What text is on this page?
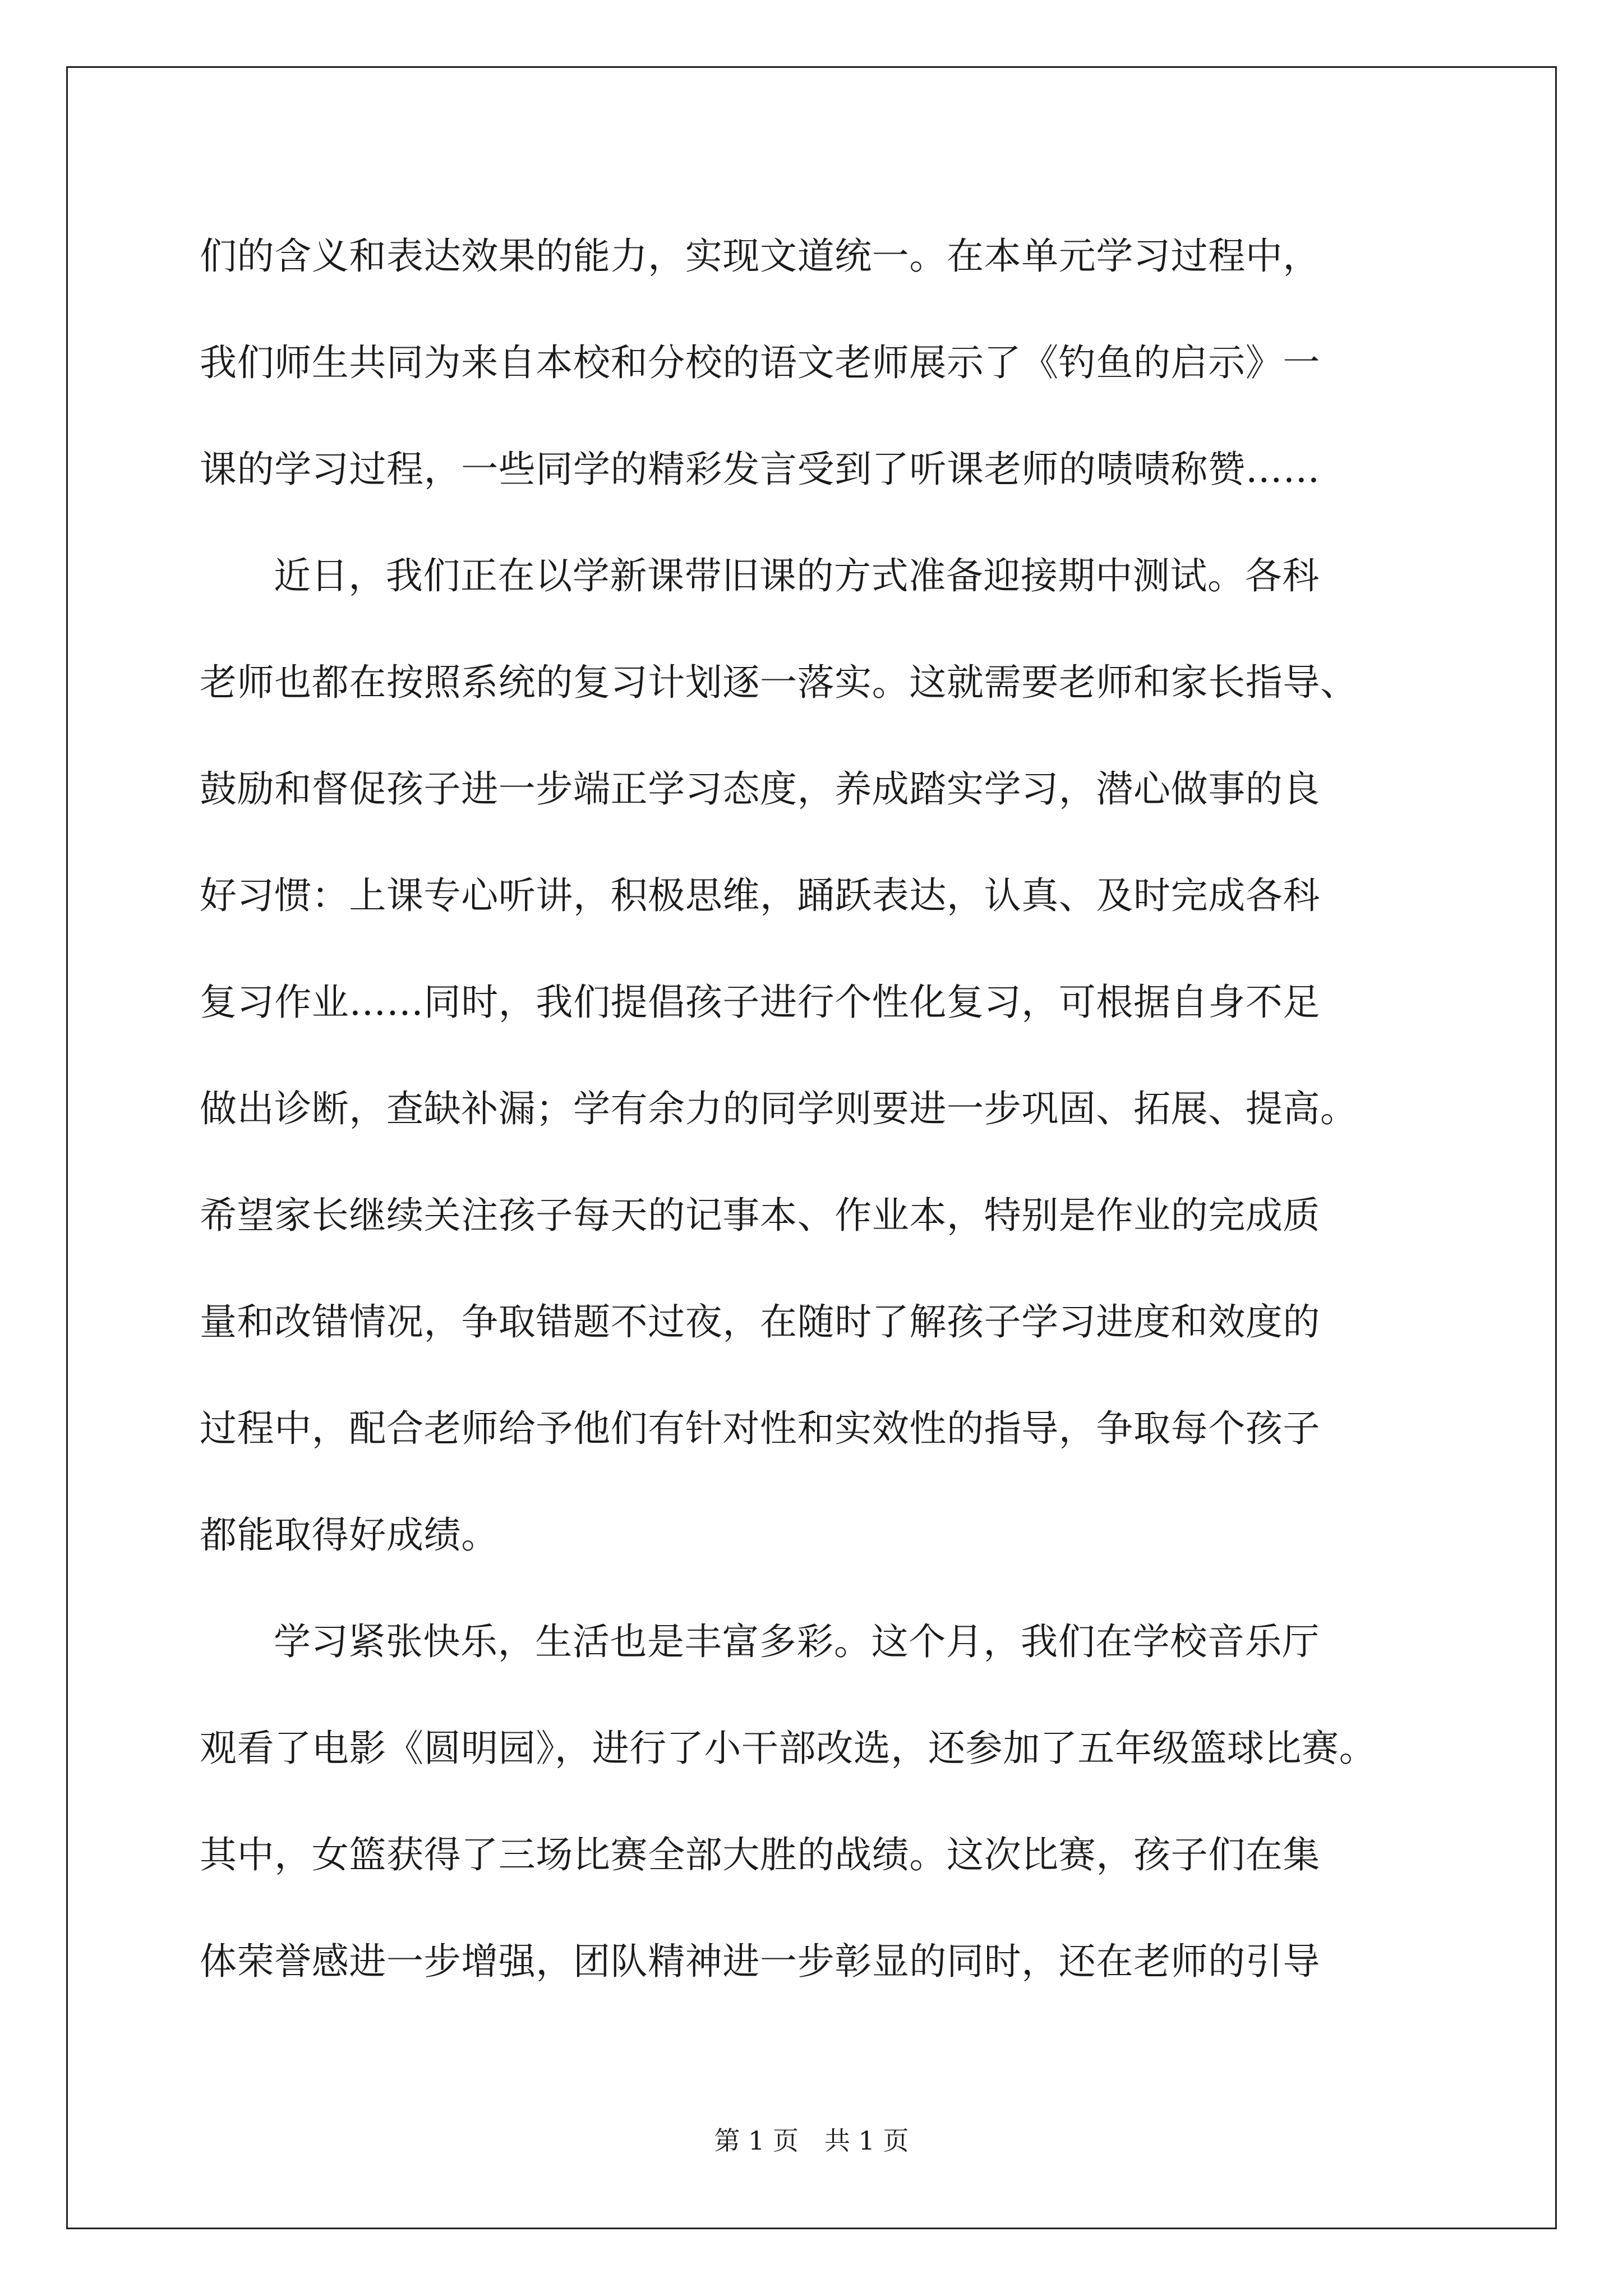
们的含义和表达效果的能力，实现文道统一。在本单元学习过程中，
我们师生共同为来自本校和分校的语文老师展示了《钓鱼的启示》一
课的学习过程，一些同学的精彩发言受到了听课老师的啧啧称赞……
近日，我们正在以学新课带旧课的方式准备迎接期中测试。各科
老师也都在按照系统的复习计划逐一落实。这就需要老师和家长指导、
鼓励和督促孩子进一步端正学习态度，养成踏实学习，潜心做事的良
好习惯：上课专心听讲，积极思维，踊跃表达，认真、及时完成各科
复习作业……同时，我们提倡孩子进行个性化复习，可根据自身不足
做出诊断，查缺补漏；学有余力的同学则要进一步巩固、拓展、提高。
希望家长继续关注孩子每天的记事本、作业本，特别是作业的完成质
量和改错情况，争取错题不过夜，在随时了解孩子学习进度和效度的
过程中，配合老师给予他们有针对性和实效性的指导，争取每个孩子
都能取得好成绩。
学习紧张快乐，生活也是丰富多彩。这个月，我们在学校音乐厅
观看了电影《圆明园》，进行了小干部改选，还参加了五年级篮球比赛。
其中，女篮获得了三场比赛全部大胜的战绩。这次比赛，孩子们在集
体荣誉感进一步增强，团队精神进一步彰显的同时，还在老师的引导
第 1 页　共 1 页
